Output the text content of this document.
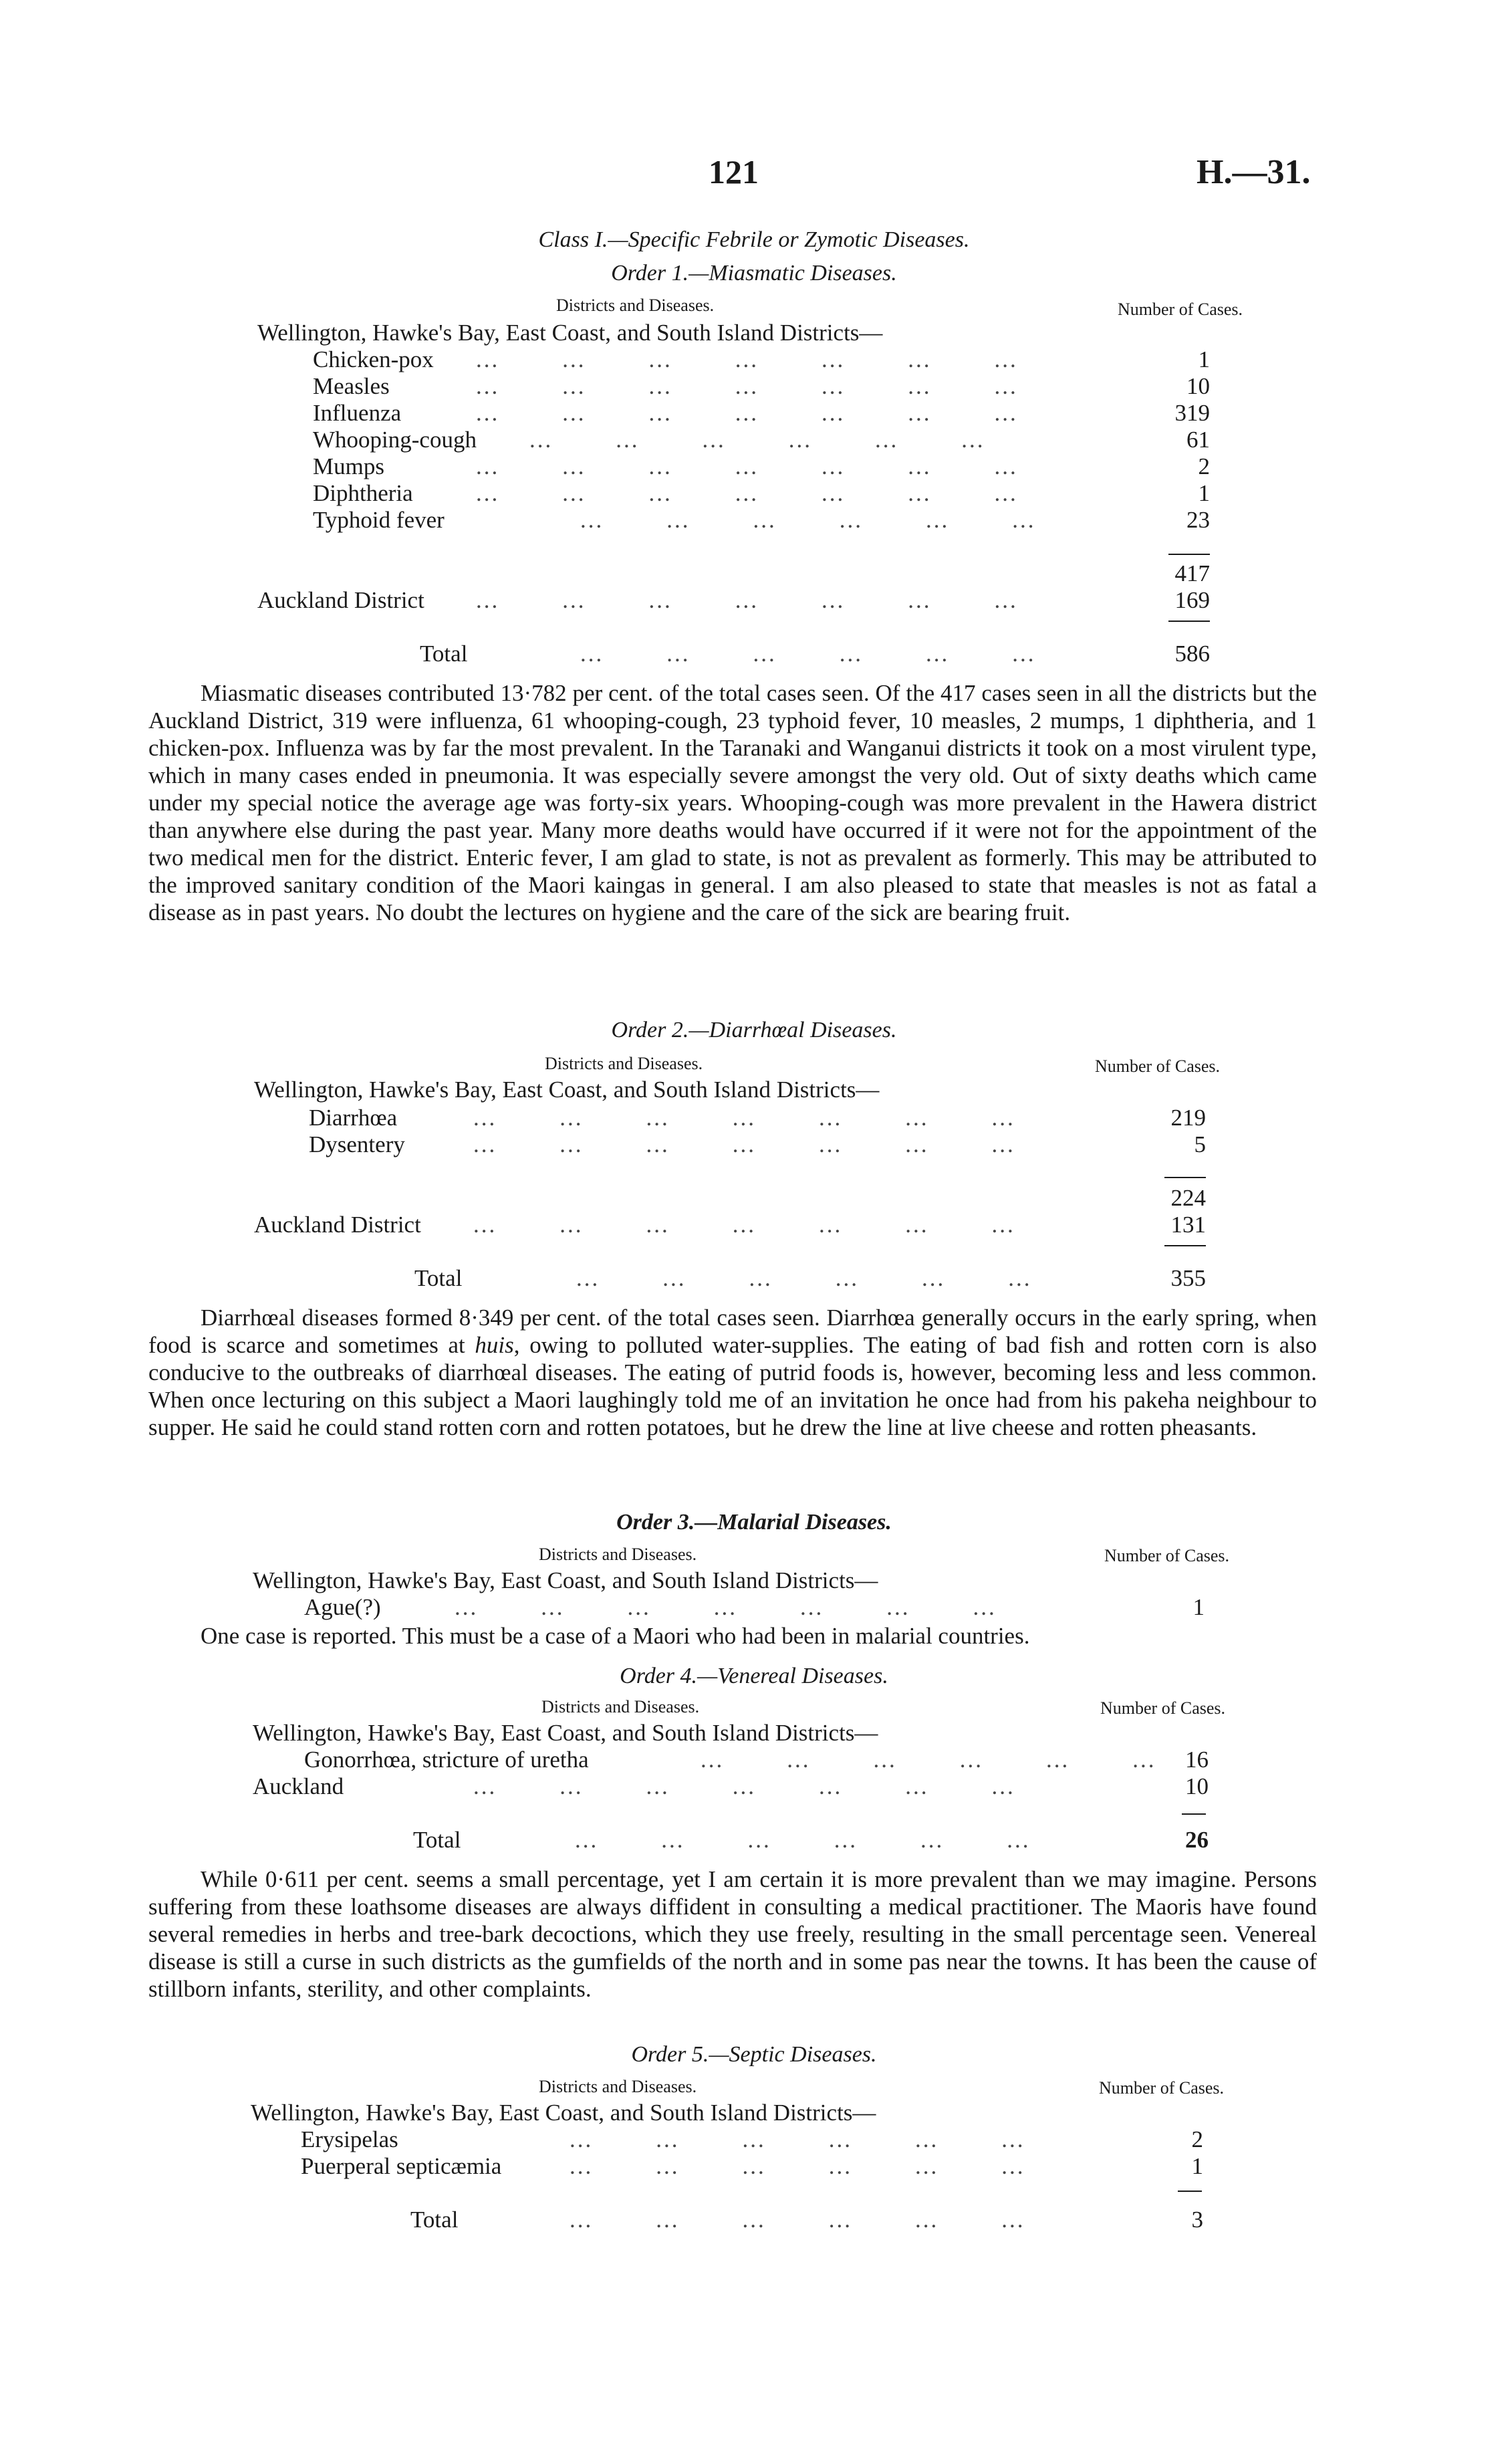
121	H.—31.
Class I.—Specific Febrile or Zymotic Diseases.
Order 1.—Miasmatic Diseases.
Districts and Diseases.	Number of Cases.
Wellington, Hawke's Bay, East Coast, and South Island Districts—
Chicken-pox ...        ...        ...        ...        ...        ...        ...	1
Measles	...        ...        ...        ...        ...        ...        ...	10
Influenza	...        ...        ...        ...        ...        ...        ...	319
Whooping-cough ...        ...        ...        ...        ...        ...	61
Mumps	...        ...        ...        ...        ...        ...        ...	2
Diphtheria	...        ...        ...        ...        ...        ...        ...	1
Typhoid fever	...        ...        ...        ...        ...        ...	23
417
Auckland District ...        ...        ...        ...        ...        ...        ...	169
Total	...        ...        ...        ...        ...        ...	586
Miasmatic diseases contributed 13·782 per cent. of the total cases seen. Of the 417 cases seen in all the districts but the Auckland District, 319 were influenza, 61 whooping-cough, 23 typhoid fever, 10 measles, 2 mumps, 1 diphtheria, and 1 chicken-pox. Influenza was by far the most prevalent. In the Taranaki and Wanganui districts it took on a most virulent type, which in many cases ended in pneumonia. It was especially severe amongst the very old. Out of sixty deaths which came under my special notice the average age was forty-six years. Whooping-cough was more prevalent in the Hawera district than anywhere else during the past year. Many more deaths would have occurred if it were not for the appointment of the two medical men for the district. Enteric fever, I am glad to state, is not as prevalent as formerly. This may be attributed to the improved sanitary condition of the Maori kaingas in general. I am also pleased to state that measles is not as fatal a disease as in past years. No doubt the lectures on hygiene and the care of the sick are bearing fruit.
Order 2.—Diarrhœal Diseases.
Districts and Diseases.	Number of Cases.
Wellington, Hawke's Bay, East Coast, and South Island Districts—
Diarrhœa	...        ...        ...        ...        ...        ...        ...	219
Dysentery	...        ...        ...        ...        ...        ...        ...	5
224
Auckland District ...        ...        ...        ...        ...        ...        ...	131
Total	...        ...        ...        ...        ...        ...	355
Diarrhœal diseases formed 8·349 per cent. of the total cases seen. Diarrhœa generally occurs in the early spring, when food is scarce and sometimes at huis, owing to polluted water-supplies. The eating of bad fish and rotten corn is also conducive to the outbreaks of diarrhœal diseases. The eating of putrid foods is, however, becoming less and less common. When once lecturing on this subject a Maori laughingly told me of an invitation he once had from his pakeha neighbour to supper. He said he could stand rotten corn and rotten potatoes, but he drew the line at live cheese and rotten pheasants.
Order 3.—Malarial Diseases.
Districts and Diseases.	Number of Cases.
Wellington, Hawke's Bay, East Coast, and South Island Districts—
Ague(?)	...        ...        ...        ...        ...        ...        ...	1
One case is reported. This must be a case of a Maori who had been in malarial countries.
Order 4.—Venereal Diseases.
Districts and Diseases.	Number of Cases.
Wellington, Hawke's Bay, East Coast, and South Island Districts—
Gonorrhœa, stricture of uretha	...        ...        ...        ...        ...        ...	16
Auckland	...        ...        ...        ...        ...        ...        ...	10
Total	...        ...        ...        ...        ...        ...	26
While 0·611 per cent. seems a small percentage, yet I am certain it is more prevalent than we may imagine. Persons suffering from these loathsome diseases are always diffident in consulting a medical practitioner. The Maoris have found several remedies in herbs and tree-bark decoctions, which they use freely, resulting in the small percentage seen. Venereal disease is still a curse in such districts as the gumfields of the north and in some pas near the towns. It has been the cause of stillborn infants, sterility, and other complaints.
Order 5.—Septic Diseases.
Districts and Diseases.	Number of Cases.
Wellington, Hawke's Bay, East Coast, and South Island Districts—
Erysipelas	...        ...        ...        ...        ...        ...	2
Puerperal septicæmia	...        ...        ...        ...        ...        ...	1
Total	...        ...        ...        ...        ...        ...	3
